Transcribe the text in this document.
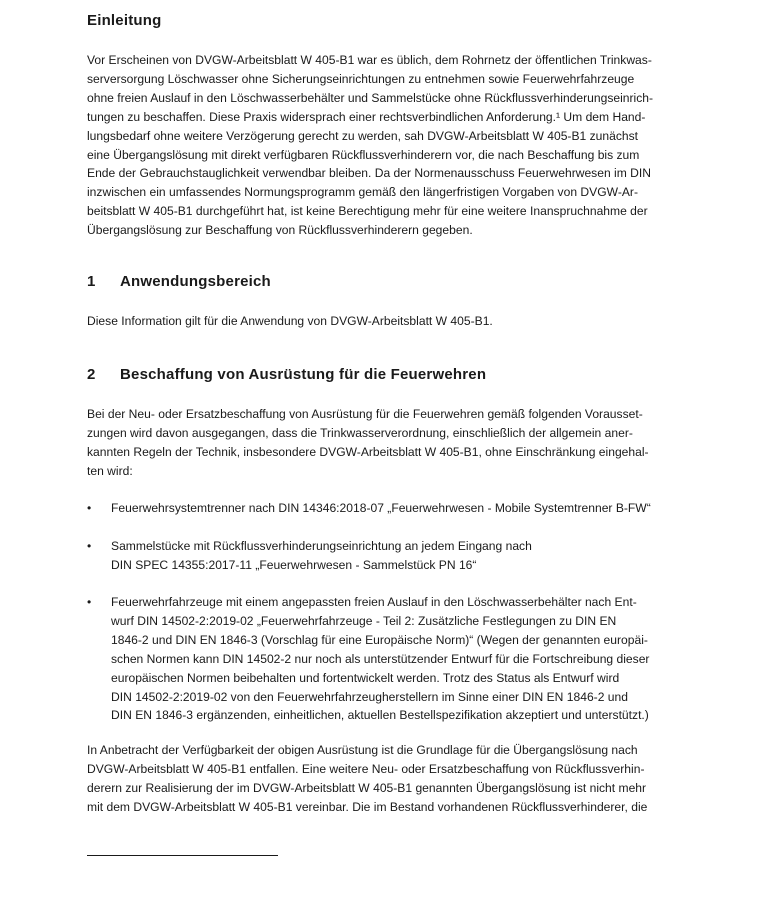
Einleitung

Vor Erscheinen von DVGW-Arbeitsblatt W 405-B1 war es üblich, dem Rohrnetz der öffentlichen Trinkwas-
serversorgung Löschwasser ohne Sicherungseinrichtungen zu entnehmen sowie Feuerwehrfahrzeuge
ohne freien Auslauf in den Löschwasserbehälter und Sammelstücke ohne Rückflussverhinderungseinrich-
tungen zu beschaffen. Diese Praxis widersprach einer rechtsverbindlichen Anforderung.¹ Um dem Hand-
lungsbedarf ohne weitere Verzögerung gerecht zu werden, sah DVGW-Arbeitsblatt W 405-B1 zunächst
eine Übergangslösung mit direkt verfügbaren Rückflussverhinderern vor, die nach Beschaffung bis zum
Ende der Gebrauchstauglichkeit verwendbar bleiben. Da der Normenausschuss Feuerwehrwesen im DIN
inzwischen ein umfassendes Normungsprogramm gemäß den längerfristigen Vorgaben von DVGW-Ar-
beitsblatt W 405-B1 durchgeführt hat, ist keine Berechtigung mehr für eine weitere Inanspruchnahme der
Übergangslösung zur Beschaffung von Rückflussverhinderern gegeben.

1 Anwendungsbereich

Diese Information gilt für die Anwendung von DVGW-Arbeitsblatt W 405-B1.

2 Beschaffung von Ausrüstung für die Feuerwehren

Bei der Neu- oder Ersatzbeschaffung von Ausrüstung für die Feuerwehren gemäß folgenden Vorausset-
zungen wird davon ausgegangen, dass die Trinkwasserverordnung, einschließlich der allgemein aner-
kannten Regeln der Technik, insbesondere DVGW-Arbeitsblatt W 405-B1, ohne Einschränkung eingehal-
ten wird:

• Feuerwehrsystemtrenner nach DIN 14346:2018-07 „Feuerwehrwesen - Mobile Systemtrenner B-FW“

• Sammelstücke mit Rückflussverhinderungseinrichtung an jedem Eingang nach
DIN SPEC 14355:2017-11 „Feuerwehrwesen - Sammelstück PN 16“

• Feuerwehrfahrzeuge mit einem angepassten freien Auslauf in den Löschwasserbehälter nach Ent-
wurf DIN 14502-2:2019-02 „Feuerwehrfahrzeuge - Teil 2: Zusätzliche Festlegungen zu DIN EN
1846-2 und DIN EN 1846-3 (Vorschlag für eine Europäische Norm)“ (Wegen der genannten europäi-
schen Normen kann DIN 14502-2 nur noch als unterstützender Entwurf für die Fortschreibung dieser
europäischen Normen beibehalten und fortentwickelt werden. Trotz des Status als Entwurf wird
DIN 14502-2:2019-02 von den Feuerwehrfahrzeugherstellern im Sinne einer DIN EN 1846-2 und
DIN EN 1846-3 ergänzenden, einheitlichen, aktuellen Bestellspezifikation akzeptiert und unterstützt.)

In Anbetracht der Verfügbarkeit der obigen Ausrüstung ist die Grundlage für die Übergangslösung nach
DVGW-Arbeitsblatt W 405-B1 entfallen. Eine weitere Neu- oder Ersatzbeschaffung von Rückflussverhin-
derern zur Realisierung der im DVGW-Arbeitsblatt W 405-B1 genannten Übergangslösung ist nicht mehr
mit dem DVGW-Arbeitsblatt W 405-B1 vereinbar. Die im Bestand vorhandenen Rückflussverhinderer, die
